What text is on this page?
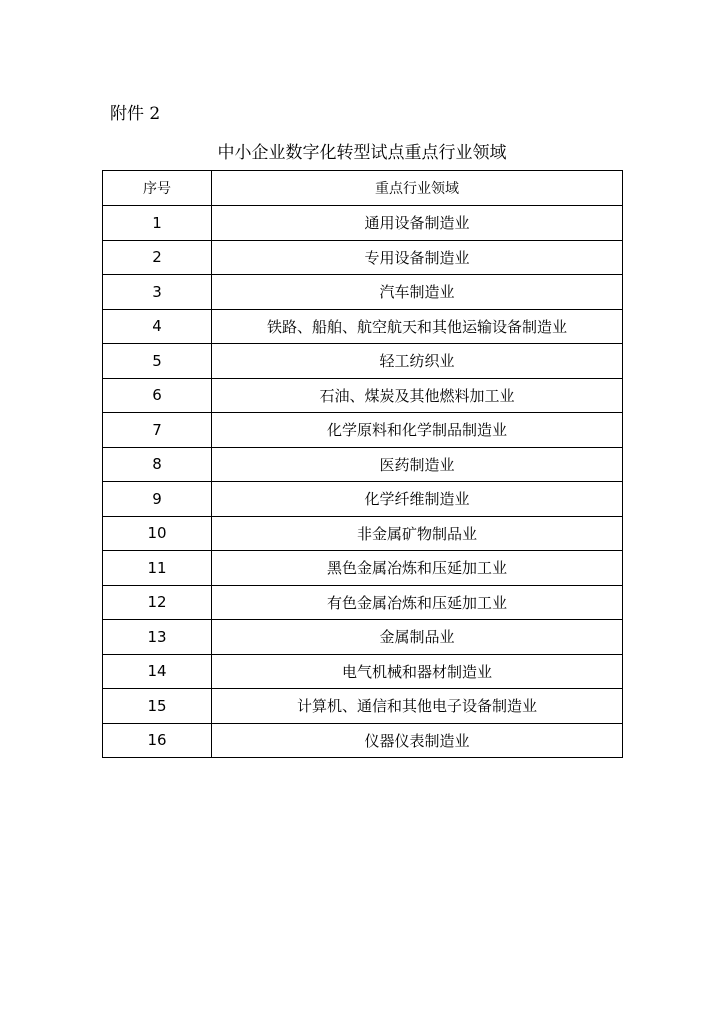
附件 2
中小企业数字化转型试点重点行业领域
序号	重点行业领域
1	通用设备制造业
2	专用设备制造业
3	汽车制造业
4	铁路、船舶、航空航天和其他运输设备制造业
5	轻工纺织业
6	石油、煤炭及其他燃料加工业
7	化学原料和化学制品制造业
8	医药制造业
9	化学纤维制造业
10	非金属矿物制品业
11	黑色金属冶炼和压延加工业
12	有色金属冶炼和压延加工业
13	金属制品业
14	电气机械和器材制造业
15	计算机、通信和其他电子设备制造业
16	仪器仪表制造业
